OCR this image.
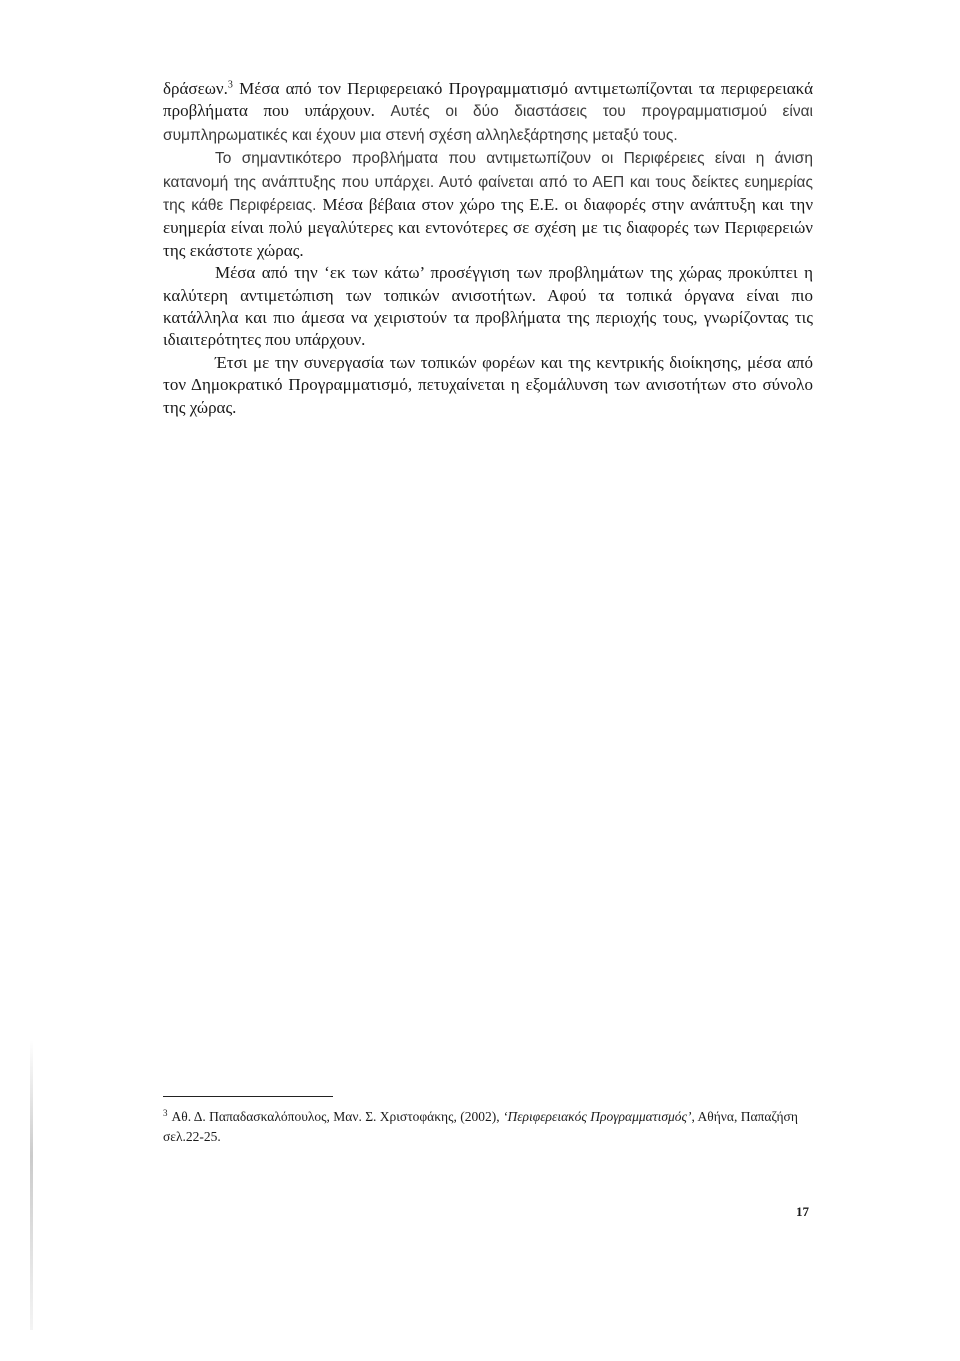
δράσεων.$^3$ Μέσα από τον Περιφερειακό Προγραμματισμό αντιμετωπίζονται τα περιφερειακά προβλήματα που υπάρχουν. Αυτές οι δύο διαστάσεις του προγραμματισμού είναι συμπληρωματικές και έχουν μια στενή σχέση αλληλεξάρτησης μεταξύ τους.

Το σημαντικότερο προβλήματα που αντιμετωπίζουν οι Περιφέρειες είναι η άνιση κατανομή της ανάπτυξης που υπάρχει. Αυτό φαίνεται από το ΑΕΠ και τους δείκτες ευημερίας της κάθε Περιφέρειας. Μέσα βέβαια στον χώρο της Ε.Ε. οι διαφορές στην ανάπτυξη και την ευημερία είναι πολύ μεγαλύτερες και εντονότερες σε σχέση με τις διαφορές των Περιφερειών της εκάστοτε χώρας.

Μέσα από την ‘εκ των κάτω’ προσέγγιση των προβλημάτων της χώρας προκύπτει η καλύτερη αντιμετώπιση των τοπικών ανισοτήτων. Αφού τα τοπικά όργανα είναι πιο κατάλληλα και πιο άμεσα να χειριστούν τα προβλήματα της περιοχής τους, γνωρίζοντας τις ιδιαιτερότητες που υπάρχουν.

Έτσι με την συνεργασία των τοπικών φορέων και της κεντρικής διοίκησης, μέσα από τον Δημοκρατικό Προγραμματισμό, πετυχαίνεται η εξομάλυνση των ανισοτήτων στο σύνολο της χώρας.

$^3$ Αθ. Δ. Παπαδασκαλόπουλος, Μαν. Σ. Χριστοφάκης, (2002), ‘Περιφερειακός Προγραμματισμός’, Αθήνα, Παπαζήση σελ.22-25.
17
